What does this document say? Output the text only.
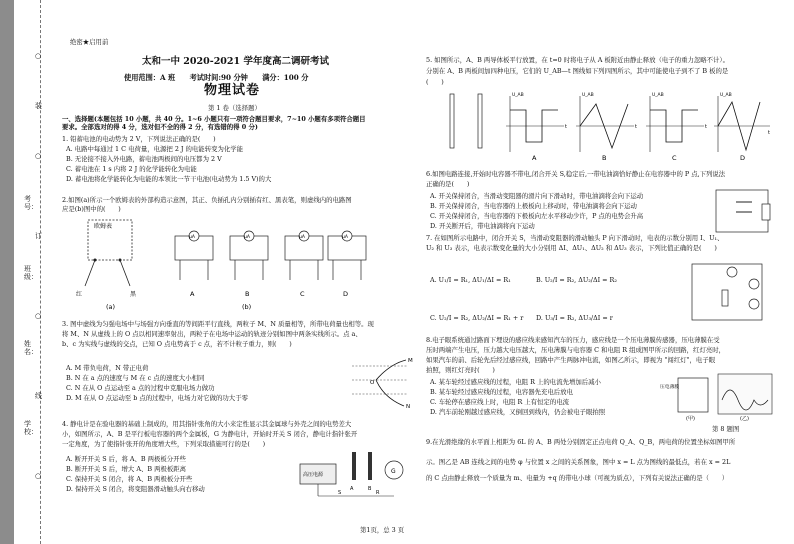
○
装
○
订
○
线
○
考号：
班级：
姓名：
学校：
绝密★启用前
太和一中 2020-2021 学年度高二调研考试
使用范围：A 班　　考试时间:90 分钟　　满分：100 分
物理试卷
第 1 卷（选择题）
一、选择题(本题包括 10 小题，共 40 分。1~6 小题只有一项符合题目要求，7~10 小题有多项符合题目
要求。全部选对的得 4 分，选对但不全的得 2 分，有选错的得 0 分)
1. 铅蓄电池的电动势为 2 V，下列说法正确的是(　　)
A. 电路中每通过 1 C 电荷量，电源把 2 J 的电能转变为化学能
B. 无论接不接入外电路，蓄电池两极间的电压都为 2 V
C. 蓄电池在 1 s 内将 2 J 的化学能转化为电能
D. 蓄电池将化学能转化为电能的本领比一节干电池(电动势为 1.5 V)的大
2.如图(a)所示一个欧姆表的外部构造示意图，其正、负插孔内分别插有红、黑表笔，则虚线内的电路图
应是(b)图中的(　　)
欧姆表
红	黑
(a)
μA
A
μA
B
(b)
μA
C
μA
D
3. 图中虚线为匀强电场中与场强方向垂直的等间距平行直线，两粒子 M、N 质量相等，所带电荷量也相等。现
将 M、N 从虚线上的 O 点以相同速率射出，两粒子在电场中运动的轨迹分别如图中两条实线所示。点 a、
b、c 为实线与虚线的交点，已知 O 点电势高于 c 点，若不计粒子重力，则(　　)
A. M 带负电荷，N 带正电荷
B. N 在 a 点的速度与 M 在 c 点的速度大小相同
C. N 在从 O 点运动至 a 点的过程中克服电场力做功
D. M 在从 O 点运动至 b 点的过程中，电场力对它做的功大于零
M
N
O
4. 静电计是在验电器的基础上制成的，用其指针张角的大小来定性显示其金属球与外壳之间的电势差大
小，如图所示，A、B 是平行板电容器的两个金属板，G 为静电计，开始时开关 S 闭合，静电计指针张开
一定角度，为了使指针张开的角度增大些，下列采取措施可行的是(　　)
A. 断开开关 S 后，将 A、B 两极板分开些
B. 断开开关 S 后，增大 A、B 两极板距离
C. 保持开关 S 闭合，将 A、B 两极板分开些
D. 保持开关 S 闭合，将变阻器滑动触头向右移动
高压电源
A	B
G
S	R
5. 如图所示，A、B 两导体板平行放置，在 t=0 时将电子从 A 板附近由静止释放（电子的重力忽略不计）。
分别在 A、B 两板间加四种电压，它们的 U_AB—t 图线如下列四图所示，其中可能使电子到不了 B 板的是
(　　)
A
U_AB
t
B
U_AB
t
C
U_AB
t
D
U_AB
t
6.如图电路连接,开始时电容器不带电,闭合开关 S,稳定后,一带电油滴恰好静止在电容器中的 P 点,下列说法
正确的是(　　)
A. 开关保持闭合，当滑动变阻器的滑片向下滑动时，带电油滴将会向下运动
B. 开关保持闭合，当电容器的上极板向上移动时，带电油滴将会向下运动
C. 开关保持闭合，当电容器的下极板向左水平移动少许，P 点的电势会升高
D. 开关断开后，带电油滴将向下运动
7. 在如图所示电路中，闭合开关 S，当滑动变阻器的滑动触头 P 向下滑动时，电表的示数分别用 I、U₁、
U₂ 和 U₃ 表示，电表示数变化量的大小分别用 ΔI、ΔU₁、ΔU₂ 和 ΔU₃ 表示，下列比值正确的是(　　)
A. U₁/I = R₁, ΔU₁/ΔI = R₁	B. U₂/I = R₂, ΔU₂/ΔI = R₂
C. U₂/I = R₂, ΔU₂/ΔI = R₁ + r D. U₃/I = R₂, ΔU₃/ΔI = r
8.电子眼系统通过路面下埋设的感应线来感知汽车的压力，感应线是一个压电薄膜传感器，压电薄膜在受
压时两端产生电压，压力越大电压越大，压电薄膜与电容器 C 和电阻 R 组成图甲所示的回路，红灯亮时，
如果汽车的前、后轮先后经过感应线，回路中产生两脉冲电流，如图乙所示，即视为 "闯红灯"，电子眼
拍照，则红灯亮时(　　)
A. 某车轮经过感应线的过程，电阻 R 上的电流先增加后减小
B. 某车轮经过感应线的过程，电容器先充电后放电
C. 车轮停在感应线上时，电阻 R 上有恒定的电流
D. 汽车前轮刚越过感应线，又倒回到线内，仍会被电子眼拍照
压电薄膜
(甲)	(乙)
第 8 题图
9.在光滑绝缘的水平面上相距为 6L 的 A、B 两处分别固定正点电荷 Q_A、Q_B，两电荷的位置坐标如图甲所
示。图乙是 AB 连线之间的电势 φ 与位置 x 之间的关系图象，图中 x = L 点为图线的最低点，若在 x = 2L
的 C 点由静止释放一个质量为 m、电量为 +q 的带电小球（可视为质点），下列有关说法正确的是（　　）
第1页，总 3 页
